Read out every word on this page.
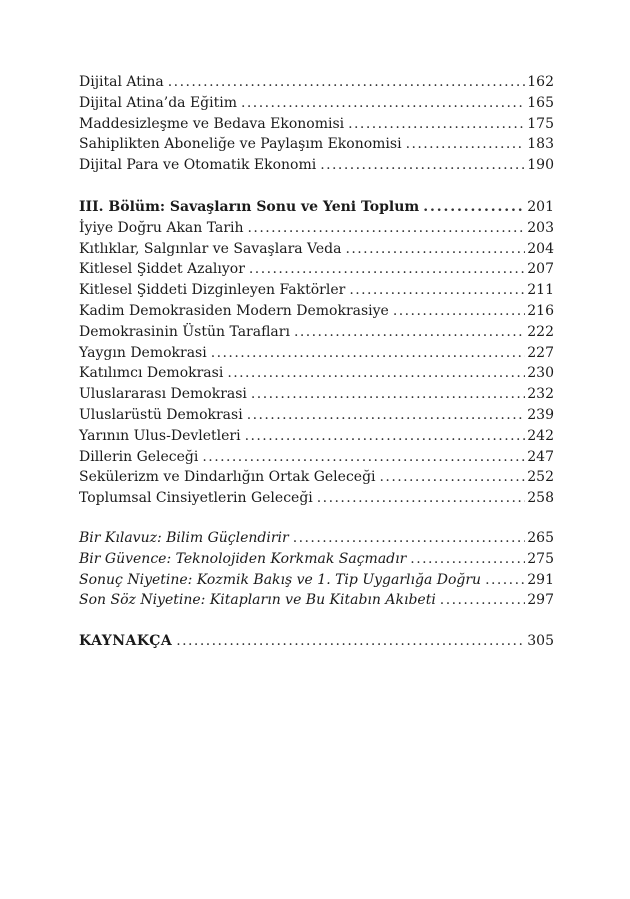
Dijital Atina . . .	162
Dijital Atina’da Eğitim . . .	165
Maddesizleşme ve Bedava Ekonomisi . . .	175
Sahiplikten Aboneliğe ve Paylaşım Ekonomisi . . .	183
Dijital Para ve Otomatik Ekonomi . . .	190
III. Bölüm: Savaşların Sonu ve Yeni Toplum . . .	201
İyiye Doğru Akan Tarih . . .	203
Kıtlıklar, Salgınlar ve Savaşlara Veda . . .	204
Kitlesel Şiddet Azalıyor . . .	207
Kitlesel Şiddeti Dizginleyen Faktörler . . .	211
Kadim Demokrasiden Modern Demokrasiye . . .	216
Demokrasinin Üstün Tarafları . . .	222
Yaygın Demokrasi . . .	227
Katılımcı Demokrasi . . .	230
Uluslararası Demokrasi . . .	232
Uluslarüstü Demokrasi . . .	239
Yarının Ulus-Devletleri . . .	242
Dillerin Geleceği . . .	247
Sekülerizm ve Dindarlığın Ortak Geleceği . . .	252
Toplumsal Cinsiyetlerin Geleceği . . .	258
Bir Kılavuz: Bilim Güçlendirir . . .	265
Bir Güvence: Teknolojiden Korkmak Saçmadır . . .	275
Sonuç Niyetine: Kozmik Bakış ve 1. Tip Uygarlığa Doğru . . .	291
Son Söz Niyetine: Kitapların ve Bu Kitabın Akıbeti . . .	297
KAYNAKÇA . . .	305
